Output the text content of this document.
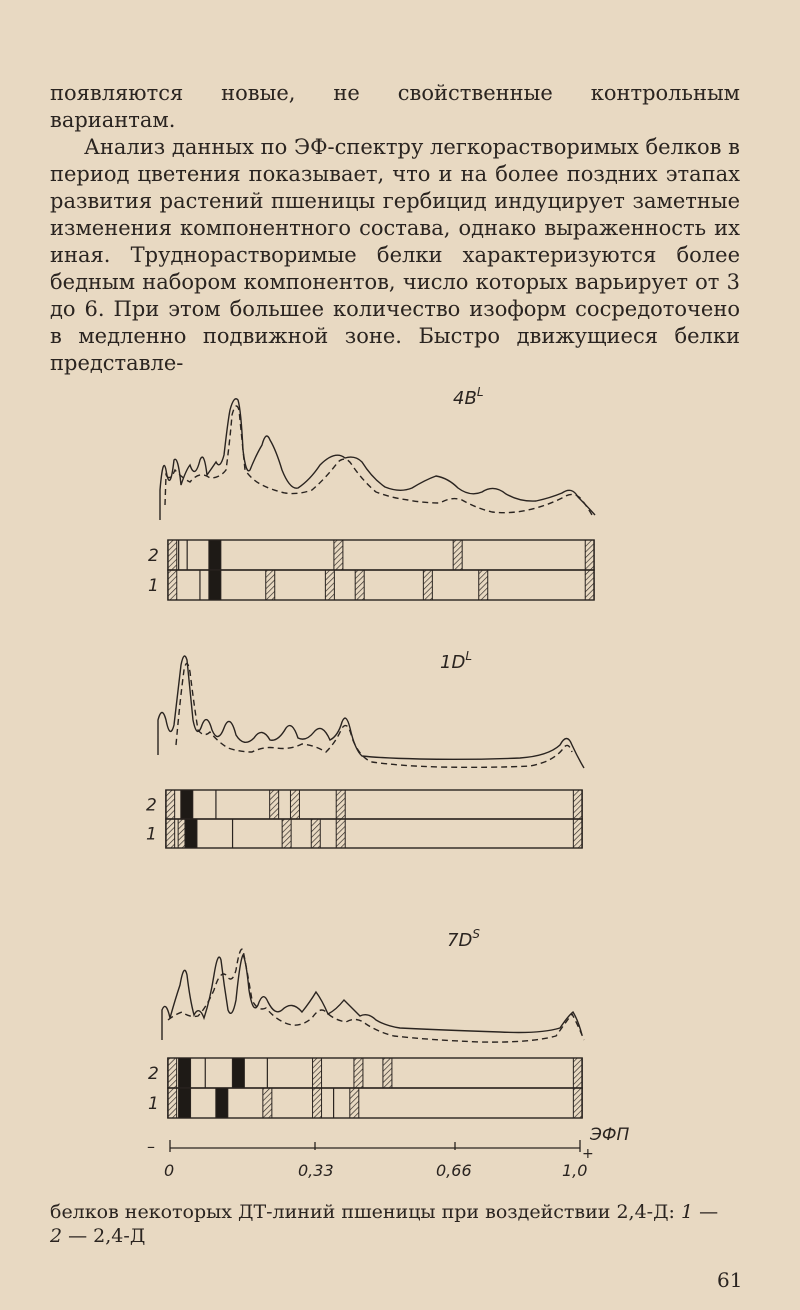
появляются новые, не свойственные контрольным вариантам.

Анализ данных по ЭФ-спектру легкорастворимых белков в период цветения показывает, что и на более поздних этапах развития растений пшеницы гербицид индуцирует заметные изменения компонентного состава, однако выраженность их иная. Труднорастворимые белки характеризуются более бедным набором компонентов, число которых варьирует от 3 до 6. При этом большее количество изоформ сосредоточено в медленно подвижной зоне. Быстро движущиеся белки представле-

$4B^L$
2
1
$1D^L$
2
1
$7D^S$
2
1
–	+
ЭФП
0	0,33	0,66	1,0
белков некоторых ДТ-линий пшеницы при воздействии 2,4-Д: 1 —
2 — 2,4-Д
61
